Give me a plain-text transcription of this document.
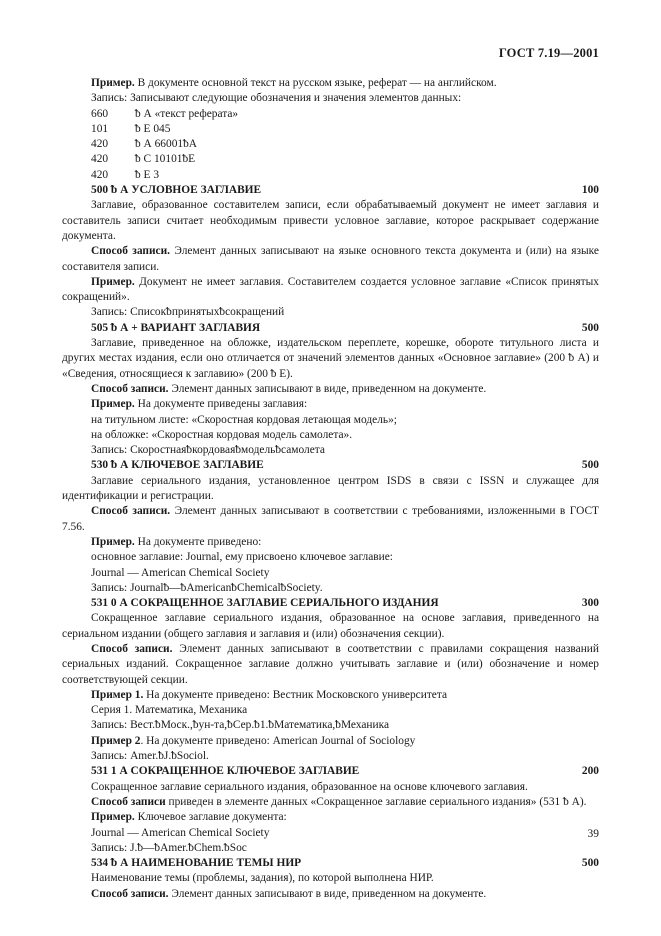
ГОСТ 7.19—2001

Пример. В документе основной текст на русском языке, реферат — на английском.

Запись: Записывают следующие обозначения и значения элементов данных:

660	ᵬ А «текст реферата»
101	ᵬ E 045
420	ᵬ А 66001ᵬА
420	ᵬ С 10101ᵬE
420	ᵬ E 3
500 ᵬ А УСЛОВНОЕ ЗАГЛАВИЕ	100

Заглавие, образованное составителем записи, если обрабатываемый документ не имеет заглавия и составитель записи считает необходимым привести условное заглавие, которое раскрывает содержание документа.

Способ записи. Элемент данных записывают на языке основного текста документа и (или) на языке составителя записи.

Пример. Документ не имеет заглавия. Составителем создается условное заглавие «Список принятых сокращений».

Запись: Списокᵬпринятыхᵬсокращений

505 ᵬ А + ВАРИАНТ ЗАГЛАВИЯ	500

Заглавие, приведенное на обложке, издательском переплете, корешке, обороте титульного листа и других местах издания, если оно отличается от значений элементов данных «Основное заглавие» (200 ᵬ А) и «Сведения, относящиеся к заглавию» (200 ᵬ E).

Способ записи. Элемент данных записывают в виде, приведенном на документе.

Пример. На документе приведены заглавия:

на титульном листе: «Скоростная кордовая летающая модель»;

на обложке: «Скоростная кордовая модель самолета».

Запись: Скоростнаяᵬкордоваяᵬмодельᵬсамолета

530 ᵬ А КЛЮЧЕВОЕ ЗАГЛАВИЕ	500

Заглавие сериального издания, установленное центром ISDS в связи с ISSN и служащее для идентификации и регистрации.

Способ записи. Элемент данных записывают в соответствии с требованиями, изложенными в ГОСТ 7.56.

Пример. На документе приведено:

основное заглавие: Journal, ему присвоено ключевое заглавие:

Journal — American Chemical Society

Запись: Journalᵬ—ᵬAmericanᵬChemicalᵬSociety.

531 0 А СОКРАЩЕННОЕ ЗАГЛАВИЕ СЕРИАЛЬНОГО ИЗДАНИЯ	300

Сокращенное заглавие сериального издания, образованное на основе заглавия, приведенного на сериальном издании (общего заглавия и заглавия и (или) обозначения секции).

Способ записи. Элемент данных записывают в соответствии с правилами сокращения названий сериальных изданий. Сокращенное заглавие должно учитывать заглавие и (или) обозначение и номер соответствующей секции.

Пример 1. На документе приведено: Вестник Московского университета

Серия 1. Математика, Механика

Запись: Вест.ᵬМоск.,ᵬун-та,ᵬСер.ᵬ1.ᵬМатематика,ᵬМеханика

Пример 2. На документе приведено: American Journal of Sociology

Запись: Amer.ᵬJ.ᵬSociol.

531 1 А СОКРАЩЕННОЕ КЛЮЧЕВОЕ ЗАГЛАВИЕ	200

Сокращенное заглавие сериального издания, образованное на основе ключевого заглавия.

Способ записи приведен в элементе данных «Сокращенное заглавие сериального издания» (531 ᵬ А).

Пример. Ключевое заглавие документа:

Journal — American Chemical Society

Запись: J.ᵬ—ᵬAmer.ᵬChem.ᵬSoc

534 ᵬ А НАИМЕНОВАНИЕ ТЕМЫ НИР	500

Наименование темы (проблемы, задания), по которой выполнена НИР.

Способ записи. Элемент данных записывают в виде, приведенном на документе.

39
